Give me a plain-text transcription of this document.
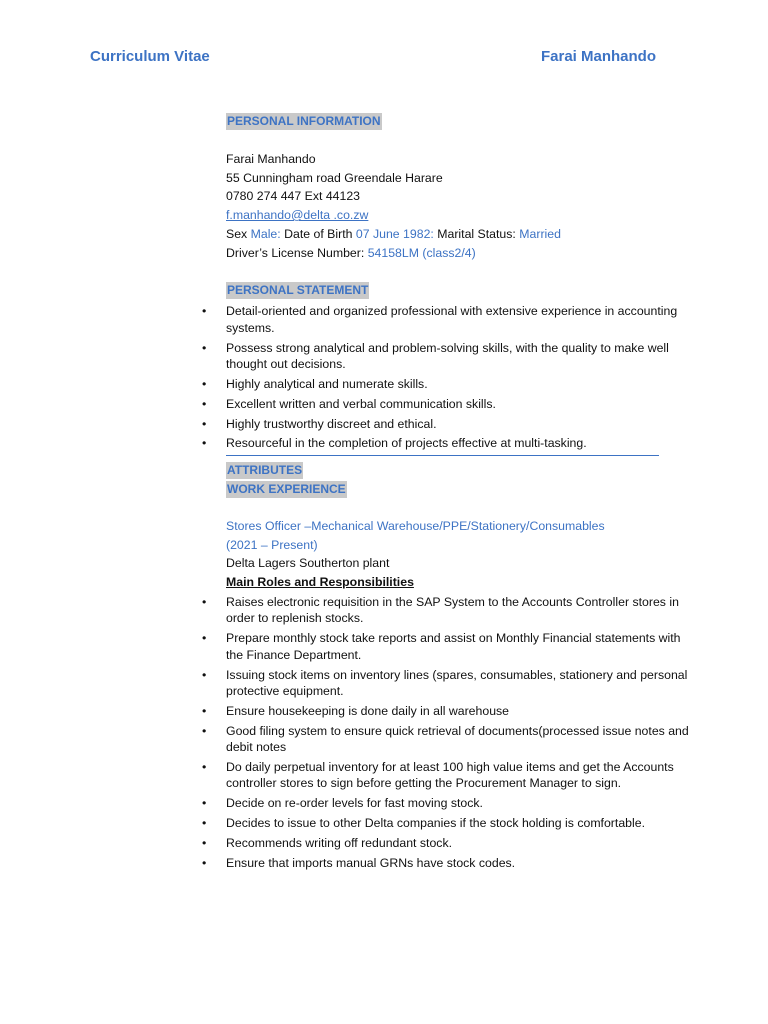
Curriculum Vitae	Farai Manhando
PERSONAL INFORMATION
Farai Manhando
55 Cunningham road Greendale Harare
0780 274 447 Ext 44123
f.manhando@delta .co.zw
Sex Male: Date of Birth 07 June 1982: Marital Status: Married
Driver’s License Number: 54158LM (class2/4)
PERSONAL STATEMENT
• Detail-oriented and organized professional with extensive experience in accounting systems.
• Possess strong analytical and problem-solving skills, with the quality to make well thought out decisions.
• Highly analytical and numerate skills.
• Excellent written and verbal communication skills.
• Highly trustworthy discreet and ethical.
• Resourceful in the completion of projects effective at multi-tasking.
ATTRIBUTES
WORK EXPERIENCE
Stores Officer –Mechanical Warehouse/PPE/Stationery/Consumables
(2021 – Present)
Delta Lagers Southerton plant
Main Roles and Responsibilities
• Raises electronic requisition in the SAP System to the Accounts Controller stores in order to replenish stocks.
• Prepare monthly stock take reports and assist on Monthly Financial statements with the Finance Department.
• Issuing stock items on inventory lines (spares, consumables, stationery and personal protective equipment.
• Ensure housekeeping is done daily in all warehouse
• Good filing system to ensure quick retrieval of documents(processed issue notes and debit notes
• Do daily perpetual inventory for at least 100 high value items and get the Accounts controller stores to sign before getting the Procurement Manager to sign.
• Decide on re-order levels for fast moving stock.
• Decides to issue to other Delta companies if the stock holding is comfortable.
• Recommends writing off redundant stock.
• Ensure that imports manual GRNs have stock codes.
